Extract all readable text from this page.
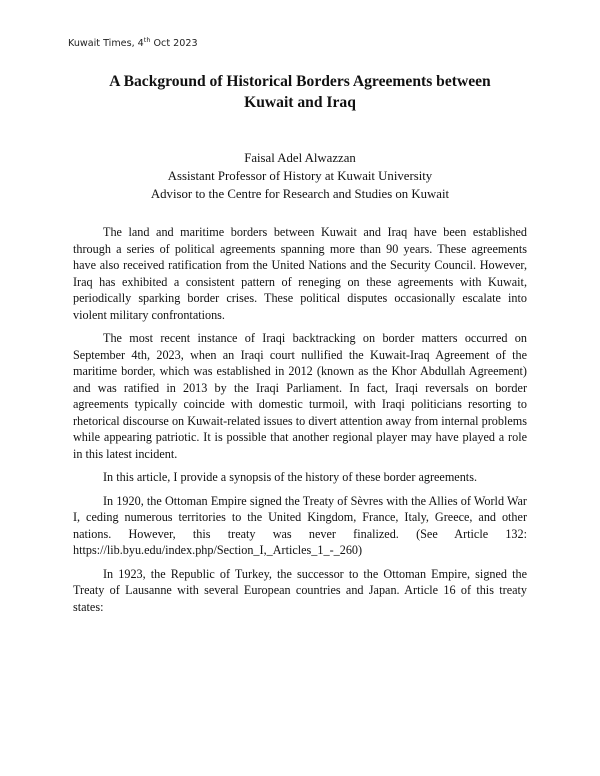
Kuwait Times, 4th Oct 2023
A Background of Historical Borders Agreements between
Kuwait and Iraq
Faisal Adel Alwazzan
Assistant Professor of History at Kuwait University
Advisor to the Centre for Research and Studies on Kuwait

The land and maritime borders between Kuwait and Iraq have been established through a series of political agreements spanning more than 90 years. These agreements have also received ratification from the United Nations and the Security Council. However, Iraq has exhibited a consistent pattern of reneging on these agreements with Kuwait, periodically sparking border crises. These political disputes occasionally escalate into violent military confrontations.

The most recent instance of Iraqi backtracking on border matters occurred on September 4th, 2023, when an Iraqi court nullified the Kuwait-Iraq Agreement of the maritime border, which was established in 2012 (known as the Khor Abdullah Agreement) and was ratified in 2013 by the Iraqi Parliament. In fact, Iraqi reversals on border agreements typically coincide with domestic turmoil, with Iraqi politicians resorting to rhetorical discourse on Kuwait-related issues to divert attention away from internal problems while appearing patriotic. It is possible that another regional player may have played a role in this latest incident.

In this article, I provide a synopsis of the history of these border agreements.

In 1920, the Ottoman Empire signed the Treaty of Sèvres with the Allies of World War I, ceding numerous territories to the United Kingdom, France, Italy, Greece, and other nations. However, this treaty was never finalized. (See Article 132: https://lib.byu.edu/index.php/Section_I,_Articles_1_-_260)

In 1923, the Republic of Turkey, the successor to the Ottoman Empire, signed the Treaty of Lausanne with several European countries and Japan. Article 16 of this treaty states:
